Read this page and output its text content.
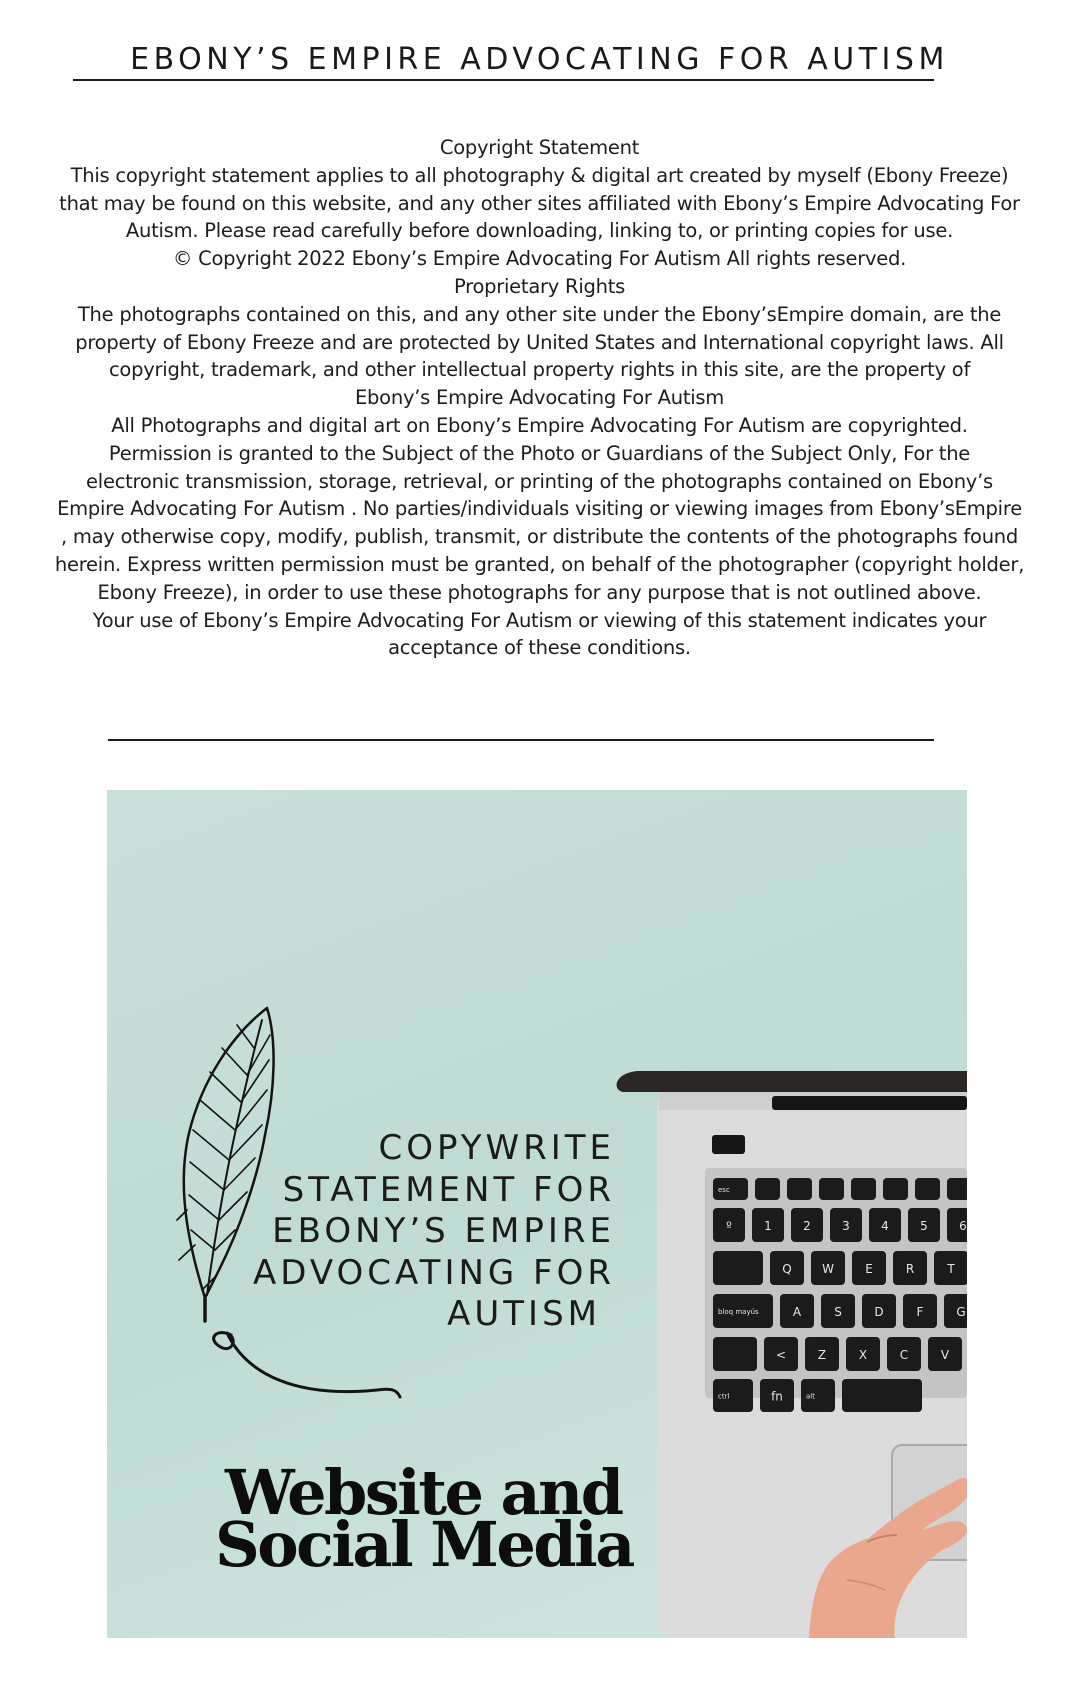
EBONY’S EMPIRE ADVOCATING FOR AUTISM

Copyright Statement

This copyright statement applies to all photography & digital art created by myself (Ebony Freeze)

that may be found on this website, and any other sites affiliated with Ebony’s Empire Advocating For

Autism. Please read carefully before downloading, linking to, or printing copies for use.

© Copyright 2022 Ebony’s Empire Advocating For Autism All rights reserved.

Proprietary Rights

The photographs contained on this, and any other site under the Ebony’sEmpire domain, are the

property of Ebony Freeze and are protected by United States and International copyright laws. All

copyright, trademark, and other intellectual property rights in this site, are the property of

Ebony’s Empire Advocating For Autism

All Photographs and digital art on Ebony’s Empire Advocating For Autism are copyrighted.

Permission is granted to the Subject of the Photo or Guardians of the Subject Only, For the

electronic transmission, storage, retrieval, or printing of the photographs contained on Ebony’s

Empire Advocating For Autism . No parties/individuals visiting or viewing images from Ebony’sEmpire

, may otherwise copy, modify, publish, transmit, or distribute the contents of the photographs found

herein. Express written permission must be granted, on behalf of the photographer (copyright holder,

Ebony Freeze), in order to use these photographs for any purpose that is not outlined above.

Your use of Ebony’s Empire Advocating For Autism or viewing of this statement indicates your

acceptance of these conditions.

esc
º	1	2	3	4	5	6
Q	W	E	R	T
bloq mayús	A	S	D	F	G
<	Z	X	C	V
ctrl	fn	alt
COPYWRITE
STATEMENT FOR
EBONY’S EMPIRE
ADVOCATING FOR
AUTISM
Website and
Social Media
